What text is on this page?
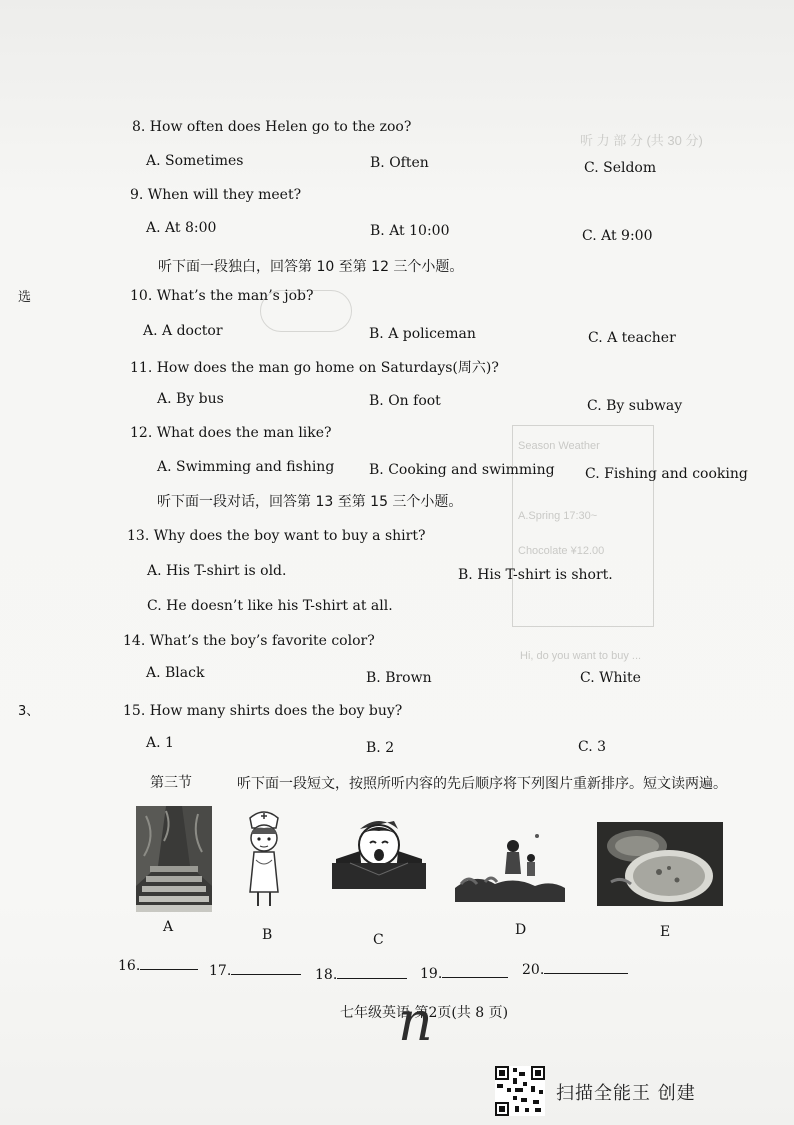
听 力 部 分 (共 30 分)
Season Weather
A.Spring 17:30~
Chocolate ¥12.00
Hi, do you want to buy ...
选
3、
8. How often does Helen go to the zoo?
A. Sometimes	B. Often	C. Seldom
9. When will they meet?
A. At 8:00	B. At 10:00	C. At 9:00
听下面一段独白，回答第 10 至第 12 三个小题。
10. What’s the man’s job?
A. A doctor	B. A policeman	C. A teacher
11. How does the man go home on Saturdays(周六)?
A. By bus	B. On foot	C. By subway
12. What does the man like?
A. Swimming and fishing B. Cooking and swimming C. Fishing and cooking
听下面一段对话，回答第 13 至第 15 三个小题。
13. Why does the boy want to buy a shirt?
A. His T-shirt is old.	B. His T-shirt is short.
C. He doesn’t like his T-shirt at all.
14. What’s the boy’s favorite color?
A. Black	B. Brown	C. White
15. How many shirts does the boy buy?
A. 1	B. 2	C. 3
第三节	听下面一段短文，按照所听内容的先后顺序将下列图片重新排序。短文读两遍。
A	B	C
D	E
16.	17.	18.	19.	20.
七年级英语 第2页(共 8 页)
n
扫描全能王 创建
